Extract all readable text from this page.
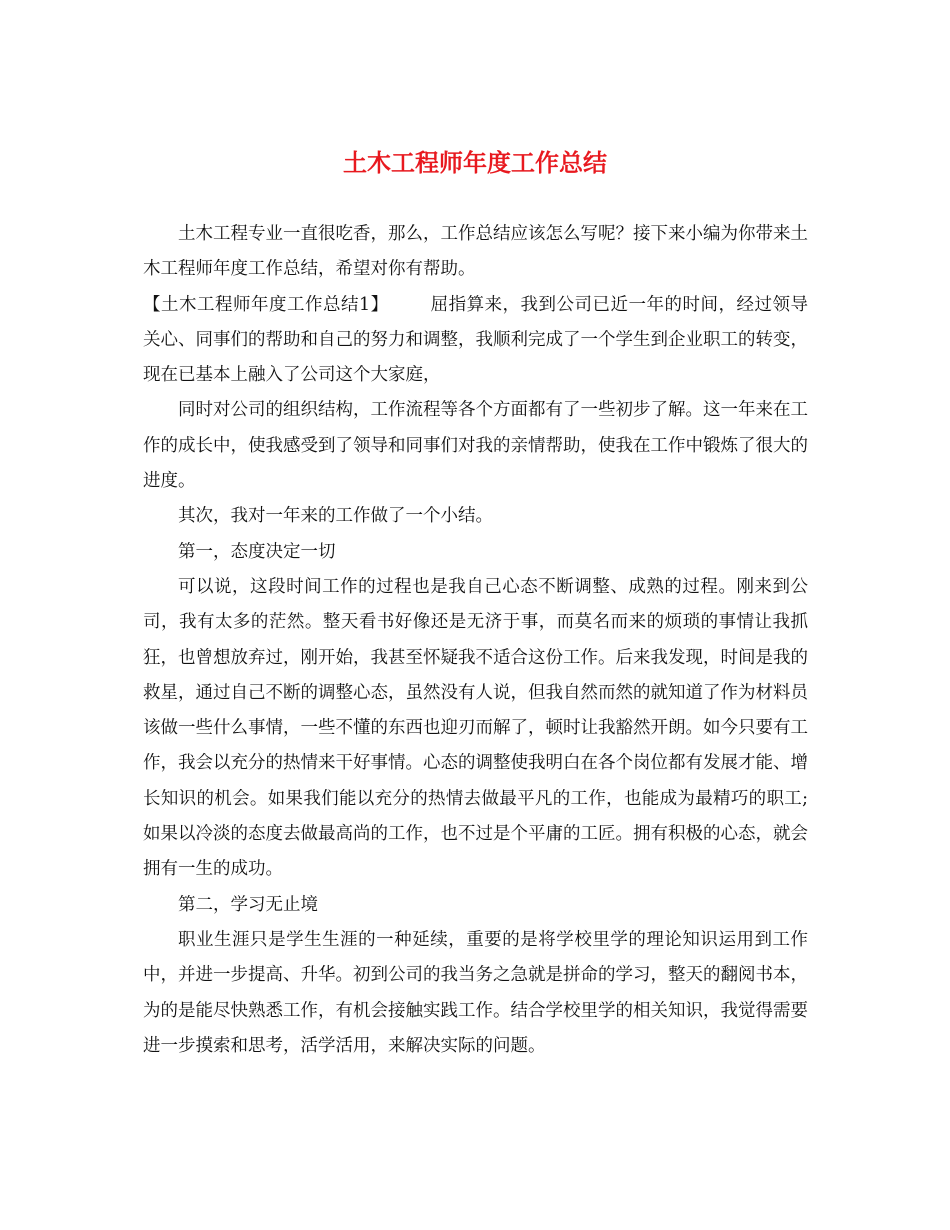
土木工程师年度工作总结

土木工程专业一直很吃香，那么，工作总结应该怎么写呢？接下来小编为你带来土木工程师年度工作总结，希望对你有帮助。

【土木工程师年度工作总结1】 屈指算来，我到公司已近一年的时间，经过领导关心、同事们的帮助和自己的努力和调整，我顺利完成了一个学生到企业职工的转变，现在已基本上融入了公司这个大家庭，

同时对公司的组织结构，工作流程等各个方面都有了一些初步了解。这一年来在工作的成长中，使我感受到了领导和同事们对我的亲情帮助，使我在工作中锻炼了很大的进度。

其次，我对一年来的工作做了一个小结。

第一，态度决定一切

可以说，这段时间工作的过程也是我自己心态不断调整、成熟的过程。刚来到公司，我有太多的茫然。整天看书好像还是无济于事，而莫名而来的烦琐的事情让我抓狂，也曾想放弃过，刚开始，我甚至怀疑我不适合这份工作。后来我发现，时间是我的救星，通过自己不断的调整心态，虽然没有人说，但我自然而然的就知道了作为材料员该做一些什么事情，一些不懂的东西也迎刃而解了，顿时让我豁然开朗。如今只要有工作，我会以充分的热情来干好事情。心态的调整使我明白在各个岗位都有发展才能、增长知识的机会。如果我们能以充分的热情去做最平凡的工作，也能成为最精巧的职工;如果以冷淡的态度去做最高尚的工作，也不过是个平庸的工匠。拥有积极的心态，就会拥有一生的成功。

第二，学习无止境

职业生涯只是学生生涯的一种延续，重要的是将学校里学的理论知识运用到工作中，并进一步提高、升华。初到公司的我当务之急就是拼命的学习，整天的翻阅书本，为的是能尽快熟悉工作，有机会接触实践工作。结合学校里学的相关知识，我觉得需要进一步摸索和思考，活学活用，来解决实际的问题。
